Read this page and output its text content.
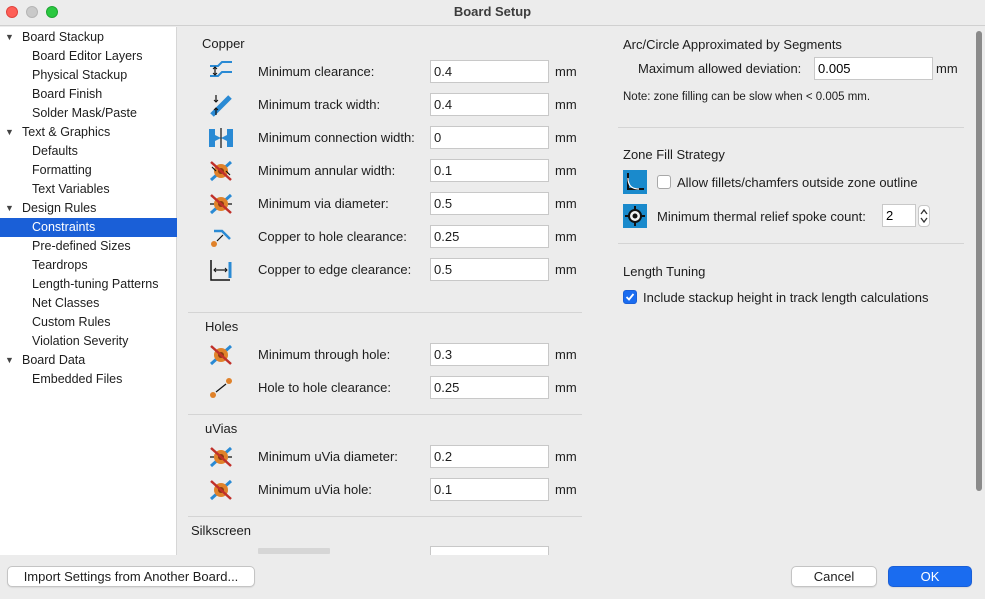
Board Setup
▼ Board Stackup
Board Editor Layers
Physical Stackup
Board Finish
Solder Mask/Paste
▼ Text & Graphics
Defaults
Formatting
Text Variables
▼ Design Rules
Constraints
Pre-defined Sizes
Teardrops
Length-tuning Patterns
Net Classes
Custom Rules
Violation Severity
▼ Board Data
Embedded Files
Copper
Minimum clearance:
0.4	mm
Minimum track width:
0.4	mm
Minimum connection width:
0	mm
Minimum annular width:
0.1	mm
Minimum via diameter:
0.5	mm
Copper to hole clearance:
0.25	mm
Copper to edge clearance:
0.5	mm
Holes
Minimum through hole:
0.3	mm
Hole to hole clearance:
0.25	mm
uVias
Minimum uVia diameter:
0.2	mm
Minimum uVia hole:
0.1	mm
Silkscreen
Arc/Circle Approximated by Segments
Maximum allowed deviation:
0.005	mm
Note: zone filling can be slow when < 0.005 mm.
Zone Fill Strategy
Allow fillets/chamfers outside zone outline
Minimum thermal relief spoke count:
2
Length Tuning
Include stackup height in track length calculations
Import Settings from Another Board...	Cancel	OK
